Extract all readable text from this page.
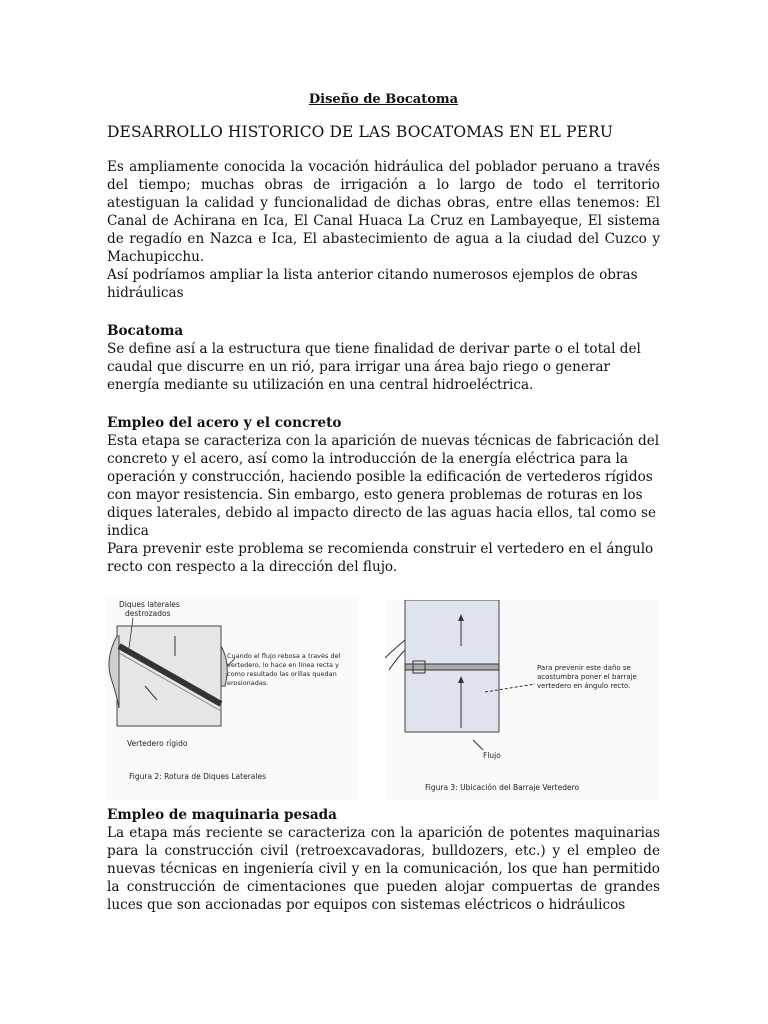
Diseño de Bocatoma
DESARROLLO HISTORICO DE LAS BOCATOMAS EN EL PERU

Es ampliamente conocida la vocación hidráulica del poblador peruano a través del tiempo; muchas obras de irrigación a lo largo de todo el territorio atestiguan la calidad y funcionalidad de dichas obras, entre ellas tenemos: El Canal de Achirana en Ica, El Canal Huaca La Cruz en Lambayeque, El sistema de regadío en Nazca e Ica, El abastecimiento de agua a la ciudad del Cuzco y Machupicchu.

Así podríamos ampliar la lista anterior citando numerosos ejemplos de obras hidráulicas

Bocatoma

Se define así a la estructura que tiene finalidad de derivar parte o el total del caudal que discurre en un rió, para irrigar una área bajo riego o generar energía mediante su utilización en una central hidroeléctrica.

Empleo del acero y el concreto

Esta etapa se caracteriza con la aparición de nuevas técnicas de fabricación del concreto y el acero, así como la introducción de la energía eléctrica para la operación y construcción, haciendo posible la edificación de vertederos rígidos con mayor resistencia. Sin embargo, esto genera problemas de roturas en los diques laterales, debido al impacto directo de las aguas hacia ellos, tal como se indica

Para prevenir este problema se recomienda construir el vertedero en el ángulo recto con respecto a la dirección del flujo.

Diques laterales
destrozados
Cuando el flujo rebosa a través del
vertedero, lo hace en línea recta y
como resultado las orillas quedan
erosionadas.
Vertedero rígido
Figura 2: Rotura de Diques Laterales
Para prevenir este daño se
acostumbra poner el barraje
vertedero en ángulo recto.
Flujo
Figura 3: Ubicación del Barraje Vertedero
Empleo de maquinaria pesada

La etapa más reciente se caracteriza con la aparición de potentes maquinarias para la construcción civil (retroexcavadoras, bulldozers, etc.) y el empleo de nuevas técnicas en ingeniería civil y en la comunicación, los que han permitido la construcción de cimentaciones que pueden alojar compuertas de grandes luces que son accionadas por equipos con sistemas eléctricos o hidráulicos
